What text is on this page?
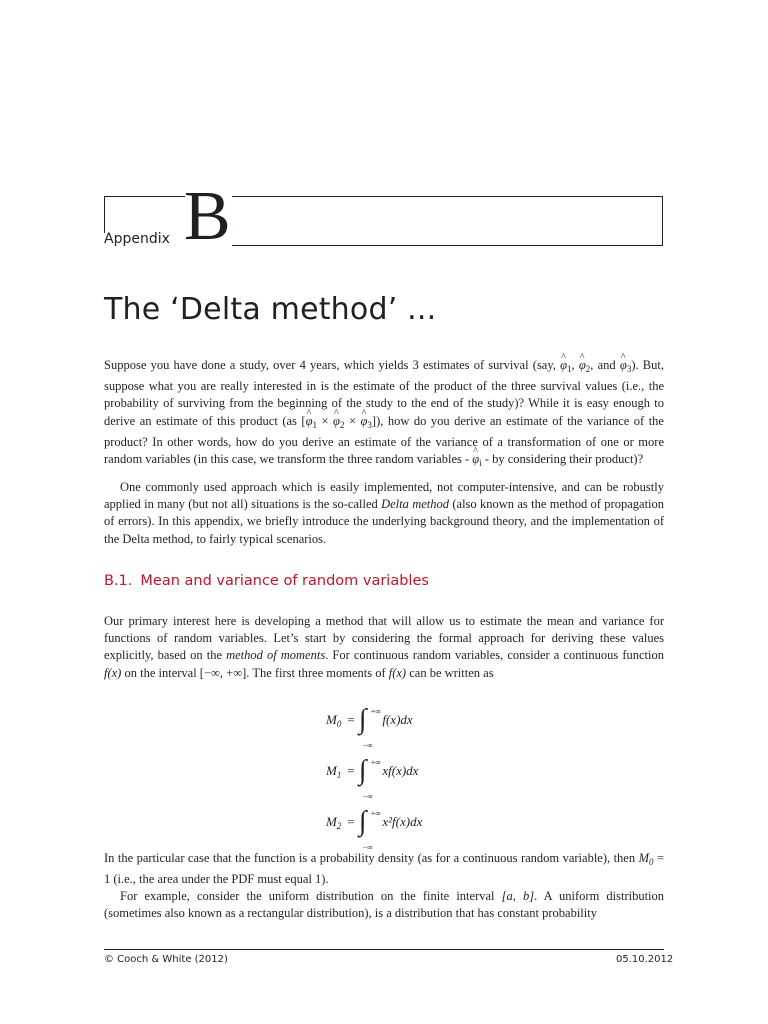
Appendix B
The ‘Delta method’ ...

Suppose you have done a study, over 4 years, which yields 3 estimates of survival (say, ^ $\varphi_1$, ^ $\varphi_2$, and ^ $\varphi_3$). But, suppose what you are really interested in is the estimate of the product of the three survival values (i.e., the probability of surviving from the beginning of the study to the end of the study)? While it is easy enough to derive an estimate of this product (as [^ $\varphi_1$ × ^ $\varphi_2$ × ^ $\varphi_3$]), how do you derive an estimate of the variance of the product? In other words, how do you derive an estimate of the variance of a transformation of one or more random variables (in this case, we transform the three random variables - ^ $\varphi_i$ - by considering their product)?

One commonly used approach which is easily implemented, not computer-intensive, and can be robustly applied in many (but not all) situations is the so-called Delta method (also known as the method of propagation of errors). In this appendix, we briefly introduce the underlying background theory, and the implementation of the Delta method, to fairly typical scenarios.

B.1. Mean and variance of random variables

Our primary interest here is developing a method that will allow us to estimate the mean and variance for functions of random variables. Let’s start by considering the formal approach for deriving these values explicitly, based on the method of moments. For continuous random variables, consider a continuous function f(x) on the interval [−∞, +∞]. The first three moments of f(x) can be written as

$M_0$ = ∫ +∞
−∞
f(x)dx
$M_1$ = ∫ +∞
−∞
xf(x)dx
$M_2$ = ∫ +∞
−∞
x²f(x)dx

In the particular case that the function is a probability density (as for a continuous random variable), then $M_0 = 1$ (i.e., the area under the PDF must equal 1).

For example, consider the uniform distribution on the finite interval [a, b]. A uniform distribution (sometimes also known as a rectangular distribution), is a distribution that has constant probability

© Cooch & White (2012)	05.10.2012
